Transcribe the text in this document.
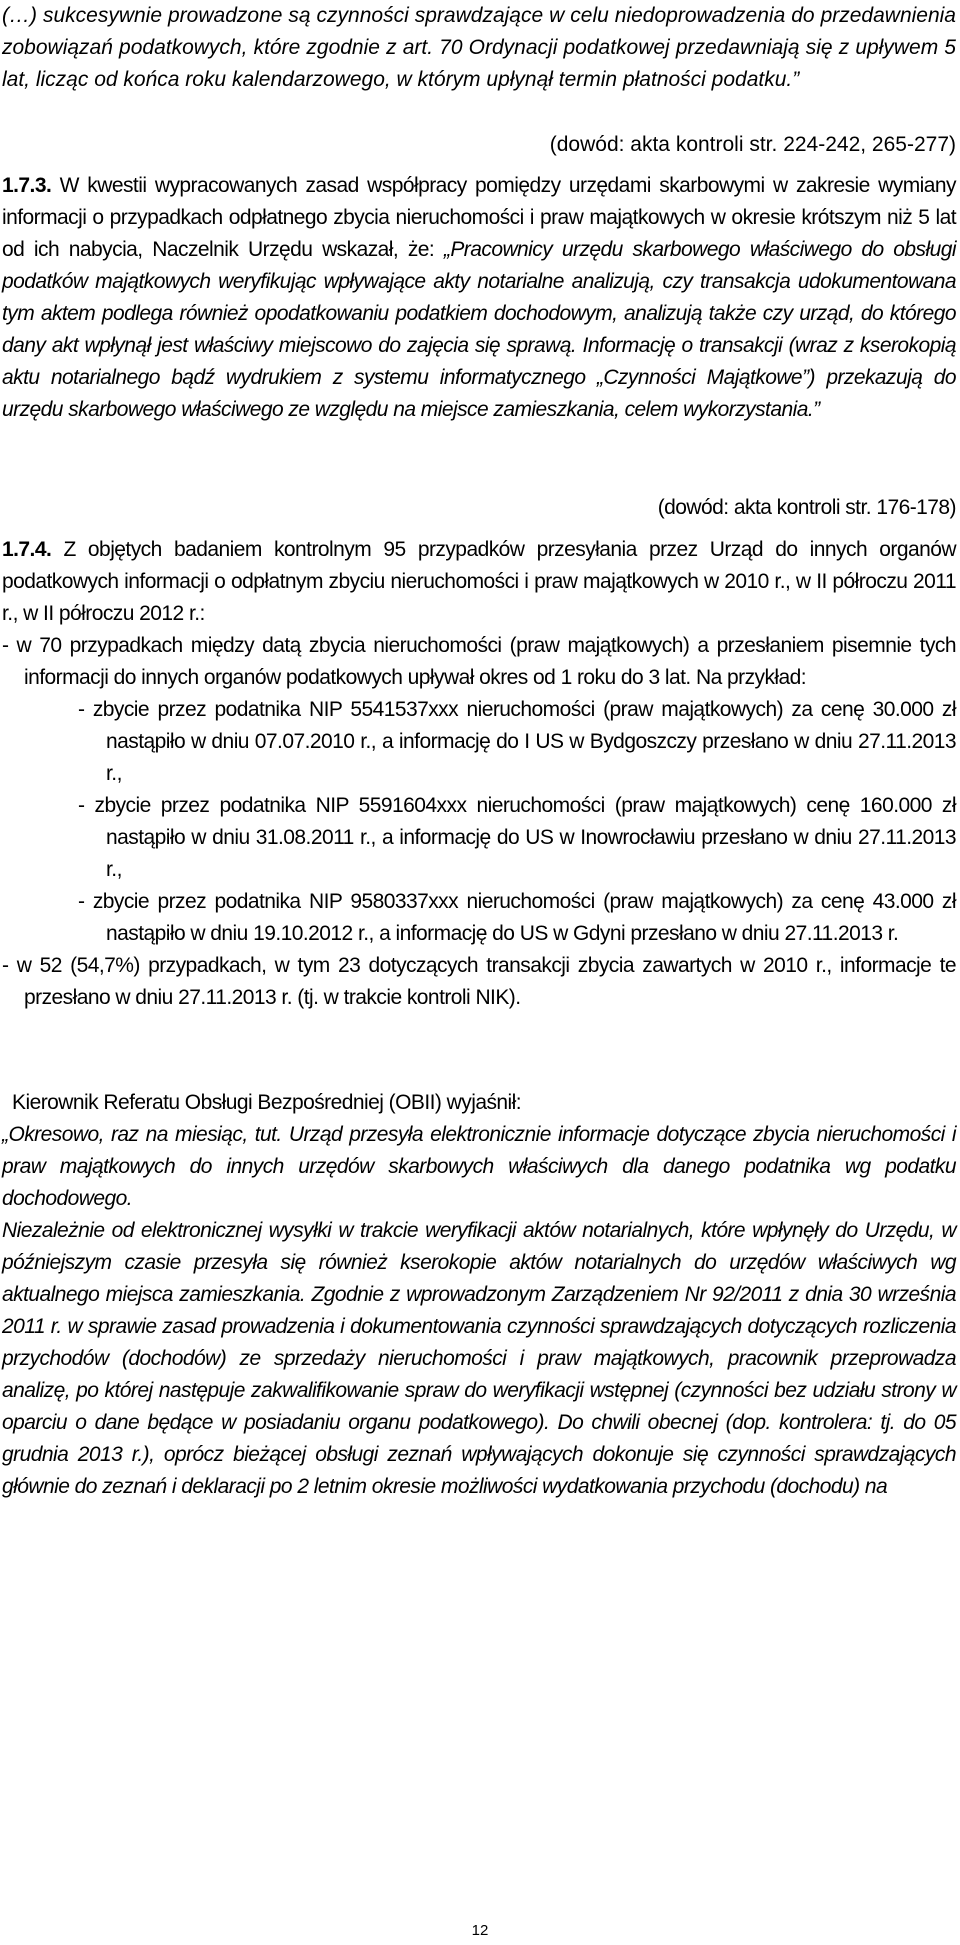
(…) sukcesywnie prowadzone są czynności sprawdzające w celu niedoprowadzenia do przedawnienia zobowiązań podatkowych, które zgodnie z art. 70 Ordynacji podatkowej przedawniają się z upływem 5 lat, licząc od końca roku kalendarzowego, w którym upłynął termin płatności podatku.”

(dowód: akta kontroli str. 224-242, 265-277)

1.7.3. W kwestii wypracowanych zasad współpracy pomiędzy urzędami skarbowymi w zakresie wymiany informacji o przypadkach odpłatnego zbycia nieruchomości i praw majątkowych w okresie krótszym niż 5 lat od ich nabycia, Naczelnik Urzędu wskazał, że: „Pracownicy urzędu skarbowego właściwego do obsługi podatków majątkowych weryfikując wpływające akty notarialne analizują, czy transakcja udokumentowana tym aktem podlega również opodatkowaniu podatkiem dochodowym, analizują także czy urząd, do którego dany akt wpłynął jest właściwy miejscowo do zajęcia się sprawą. Informację o transakcji (wraz z kserokopią aktu notarialnego bądź wydrukiem z systemu informatycznego „Czynności Majątkowe”) przekazują do urzędu skarbowego właściwego ze względu na miejsce zamieszkania, celem wykorzystania.”

(dowód: akta kontroli str. 176-178)

1.7.4. Z objętych badaniem kontrolnym 95 przypadków przesyłania przez Urząd do innych organów podatkowych informacji o odpłatnym zbyciu nieruchomości i praw majątkowych w 2010 r., w II półroczu 2011 r., w II półroczu 2012 r.:

- w 70 przypadkach między datą zbycia nieruchomości (praw majątkowych) a przesłaniem pisemnie tych informacji do innych organów podatkowych upływał okres od 1 roku do 3 lat. Na przykład:

- zbycie przez podatnika NIP 5541537xxx nieruchomości (praw majątkowych) za cenę 30.000 zł nastąpiło w dniu 07.07.2010 r., a informację do I US w Bydgoszczy przesłano w dniu 27.11.2013 r.,

- zbycie przez podatnika NIP 5591604xxx nieruchomości (praw majątkowych) cenę 160.000 zł nastąpiło w dniu 31.08.2011 r., a informację do US w Inowrocławiu przesłano w dniu 27.11.2013 r.,

- zbycie przez podatnika NIP 9580337xxx nieruchomości (praw majątkowych) za cenę 43.000 zł nastąpiło w dniu 19.10.2012 r., a informację do US w Gdyni przesłano w dniu 27.11.2013 r.

- w 52 (54,7%) przypadkach, w tym 23 dotyczących transakcji zbycia zawartych w 2010 r., informacje te przesłano w dniu 27.11.2013 r. (tj. w trakcie kontroli NIK).

Kierownik Referatu Obsługi Bezpośredniej (OBII) wyjaśnił:

„Okresowo, raz na miesiąc, tut. Urząd przesyła elektronicznie informacje dotyczące zbycia nieruchomości i praw majątkowych do innych urzędów skarbowych właściwych dla danego podatnika wg podatku dochodowego.

Niezależnie od elektronicznej wysyłki w trakcie weryfikacji aktów notarialnych, które wpłynęły do Urzędu, w późniejszym czasie przesyła się również kserokopie aktów notarialnych do urzędów właściwych wg aktualnego miejsca zamieszkania. Zgodnie z wprowadzonym Zarządzeniem Nr 92/2011 z dnia 30 września 2011 r. w sprawie zasad prowadzenia i dokumentowania czynności sprawdzających dotyczących rozliczenia przychodów (dochodów) ze sprzedaży nieruchomości i praw majątkowych, pracownik przeprowadza analizę, po której następuje zakwalifikowanie spraw do weryfikacji wstępnej (czynności bez udziału strony w oparciu o dane będące w posiadaniu organu podatkowego). Do chwili obecnej (dop. kontrolera: tj. do 05 grudnia 2013 r.), oprócz bieżącej obsługi zeznań wpływających dokonuje się czynności sprawdzających głównie do zeznań i deklaracji po 2 letnim okresie możliwości wydatkowania przychodu (dochodu) na

12
